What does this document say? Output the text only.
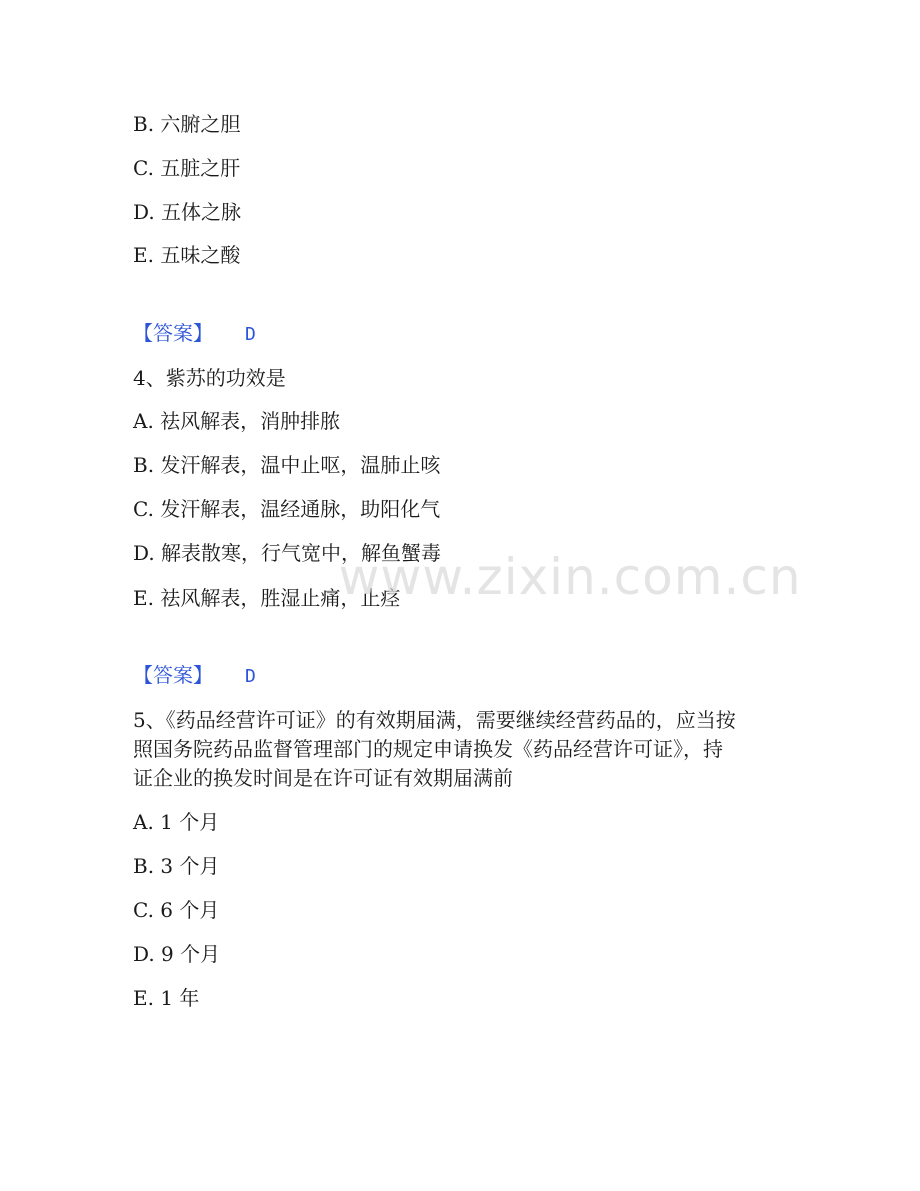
B. 六腑之胆
C. 五脏之肝
D. 五体之脉
E. 五味之酸
【答案】 D
4、紫苏的功效是
A. 祛风解表，消肿排脓
B. 发汗解表，温中止呕，温肺止咳
C. 发汗解表，温经通脉，助阳化气
D. 解表散寒，行气宽中，解鱼蟹毒
E. 祛风解表，胜湿止痛，止痉
【答案】 D
5、《药品经营许可证》的有效期届满，需要继续经营药品的，应当按
照国务院药品监督管理部门的规定申请换发《药品经营许可证》，持
证企业的换发时间是在许可证有效期届满前
A. 1 个月
B. 3 个月
C. 6 个月
D. 9 个月
E. 1 年
www.zixin.com.cn
